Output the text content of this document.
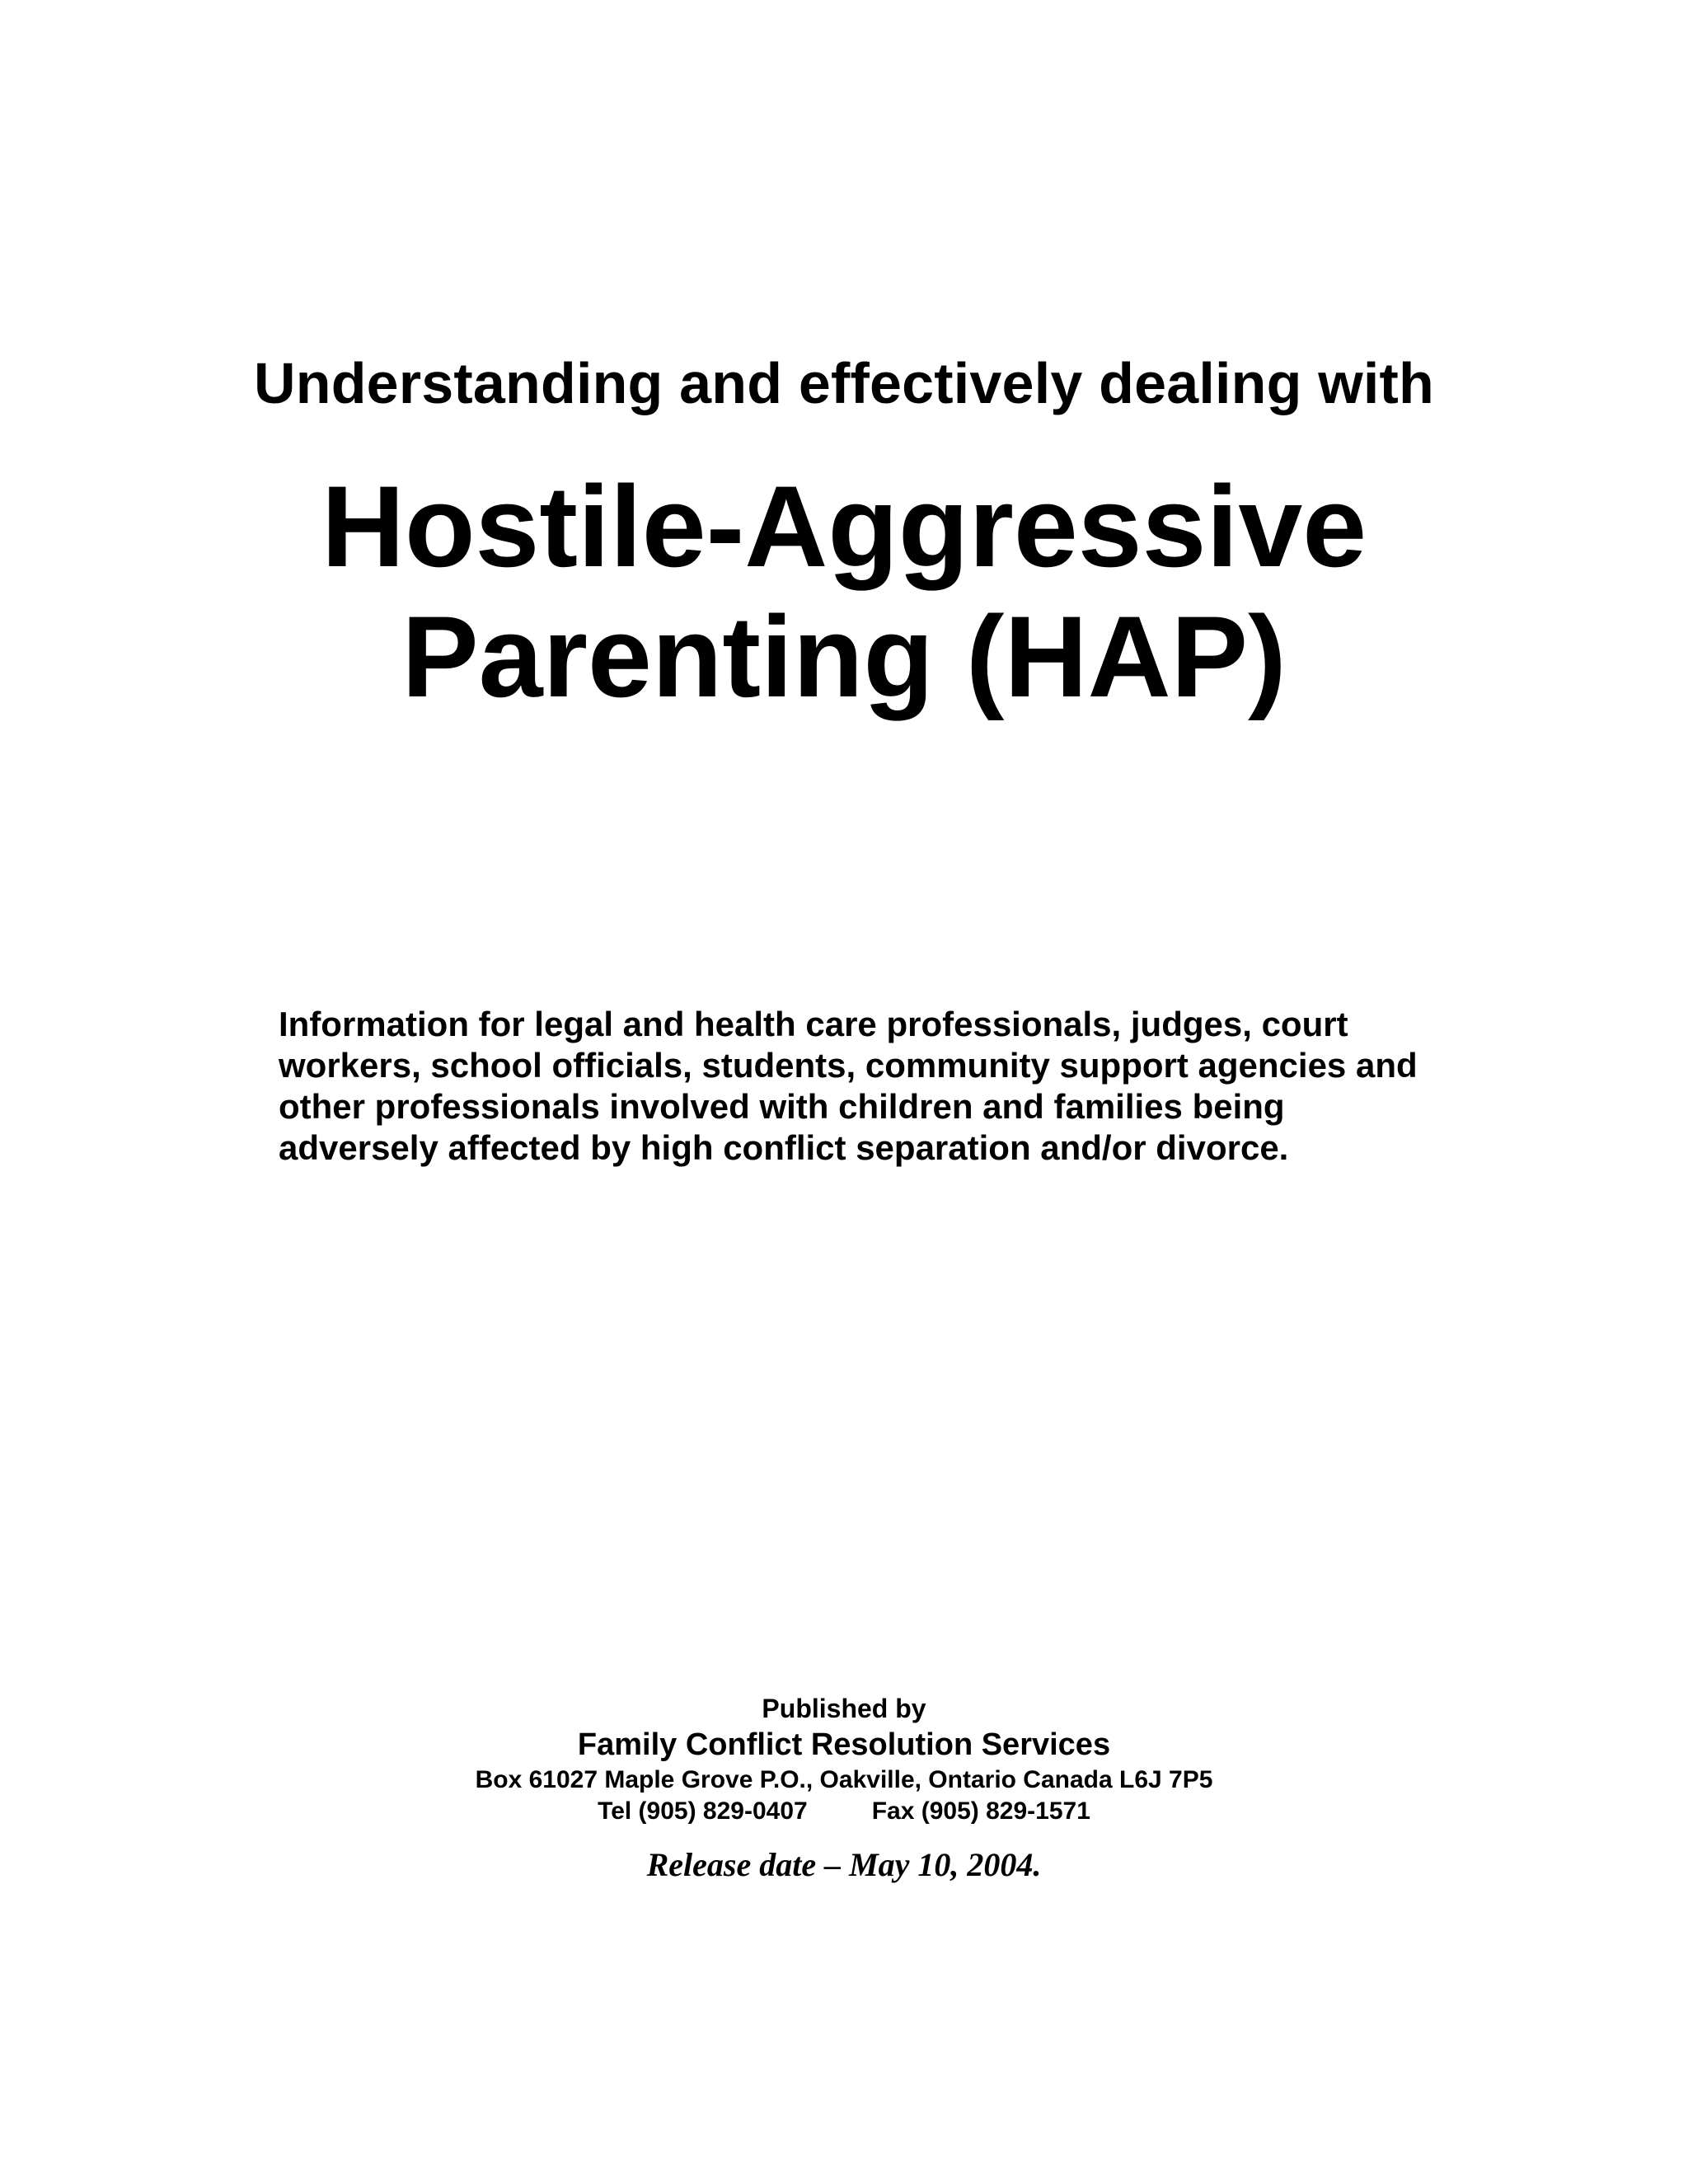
Understanding and effectively dealing with
Hostile-Aggressive
Parenting (HAP)
Information for legal and health care professionals, judges, court workers, school officials, students, community support agencies and other professionals involved with children and families being adversely affected by high conflict separation and/or divorce.
Published by
Family Conflict Resolution Services
Box 61027 Maple Grove P.O., Oakville, Ontario Canada L6J 7P5
Tel (905) 829-0407	Fax (905) 829-1571
Release date – May 10, 2004.
